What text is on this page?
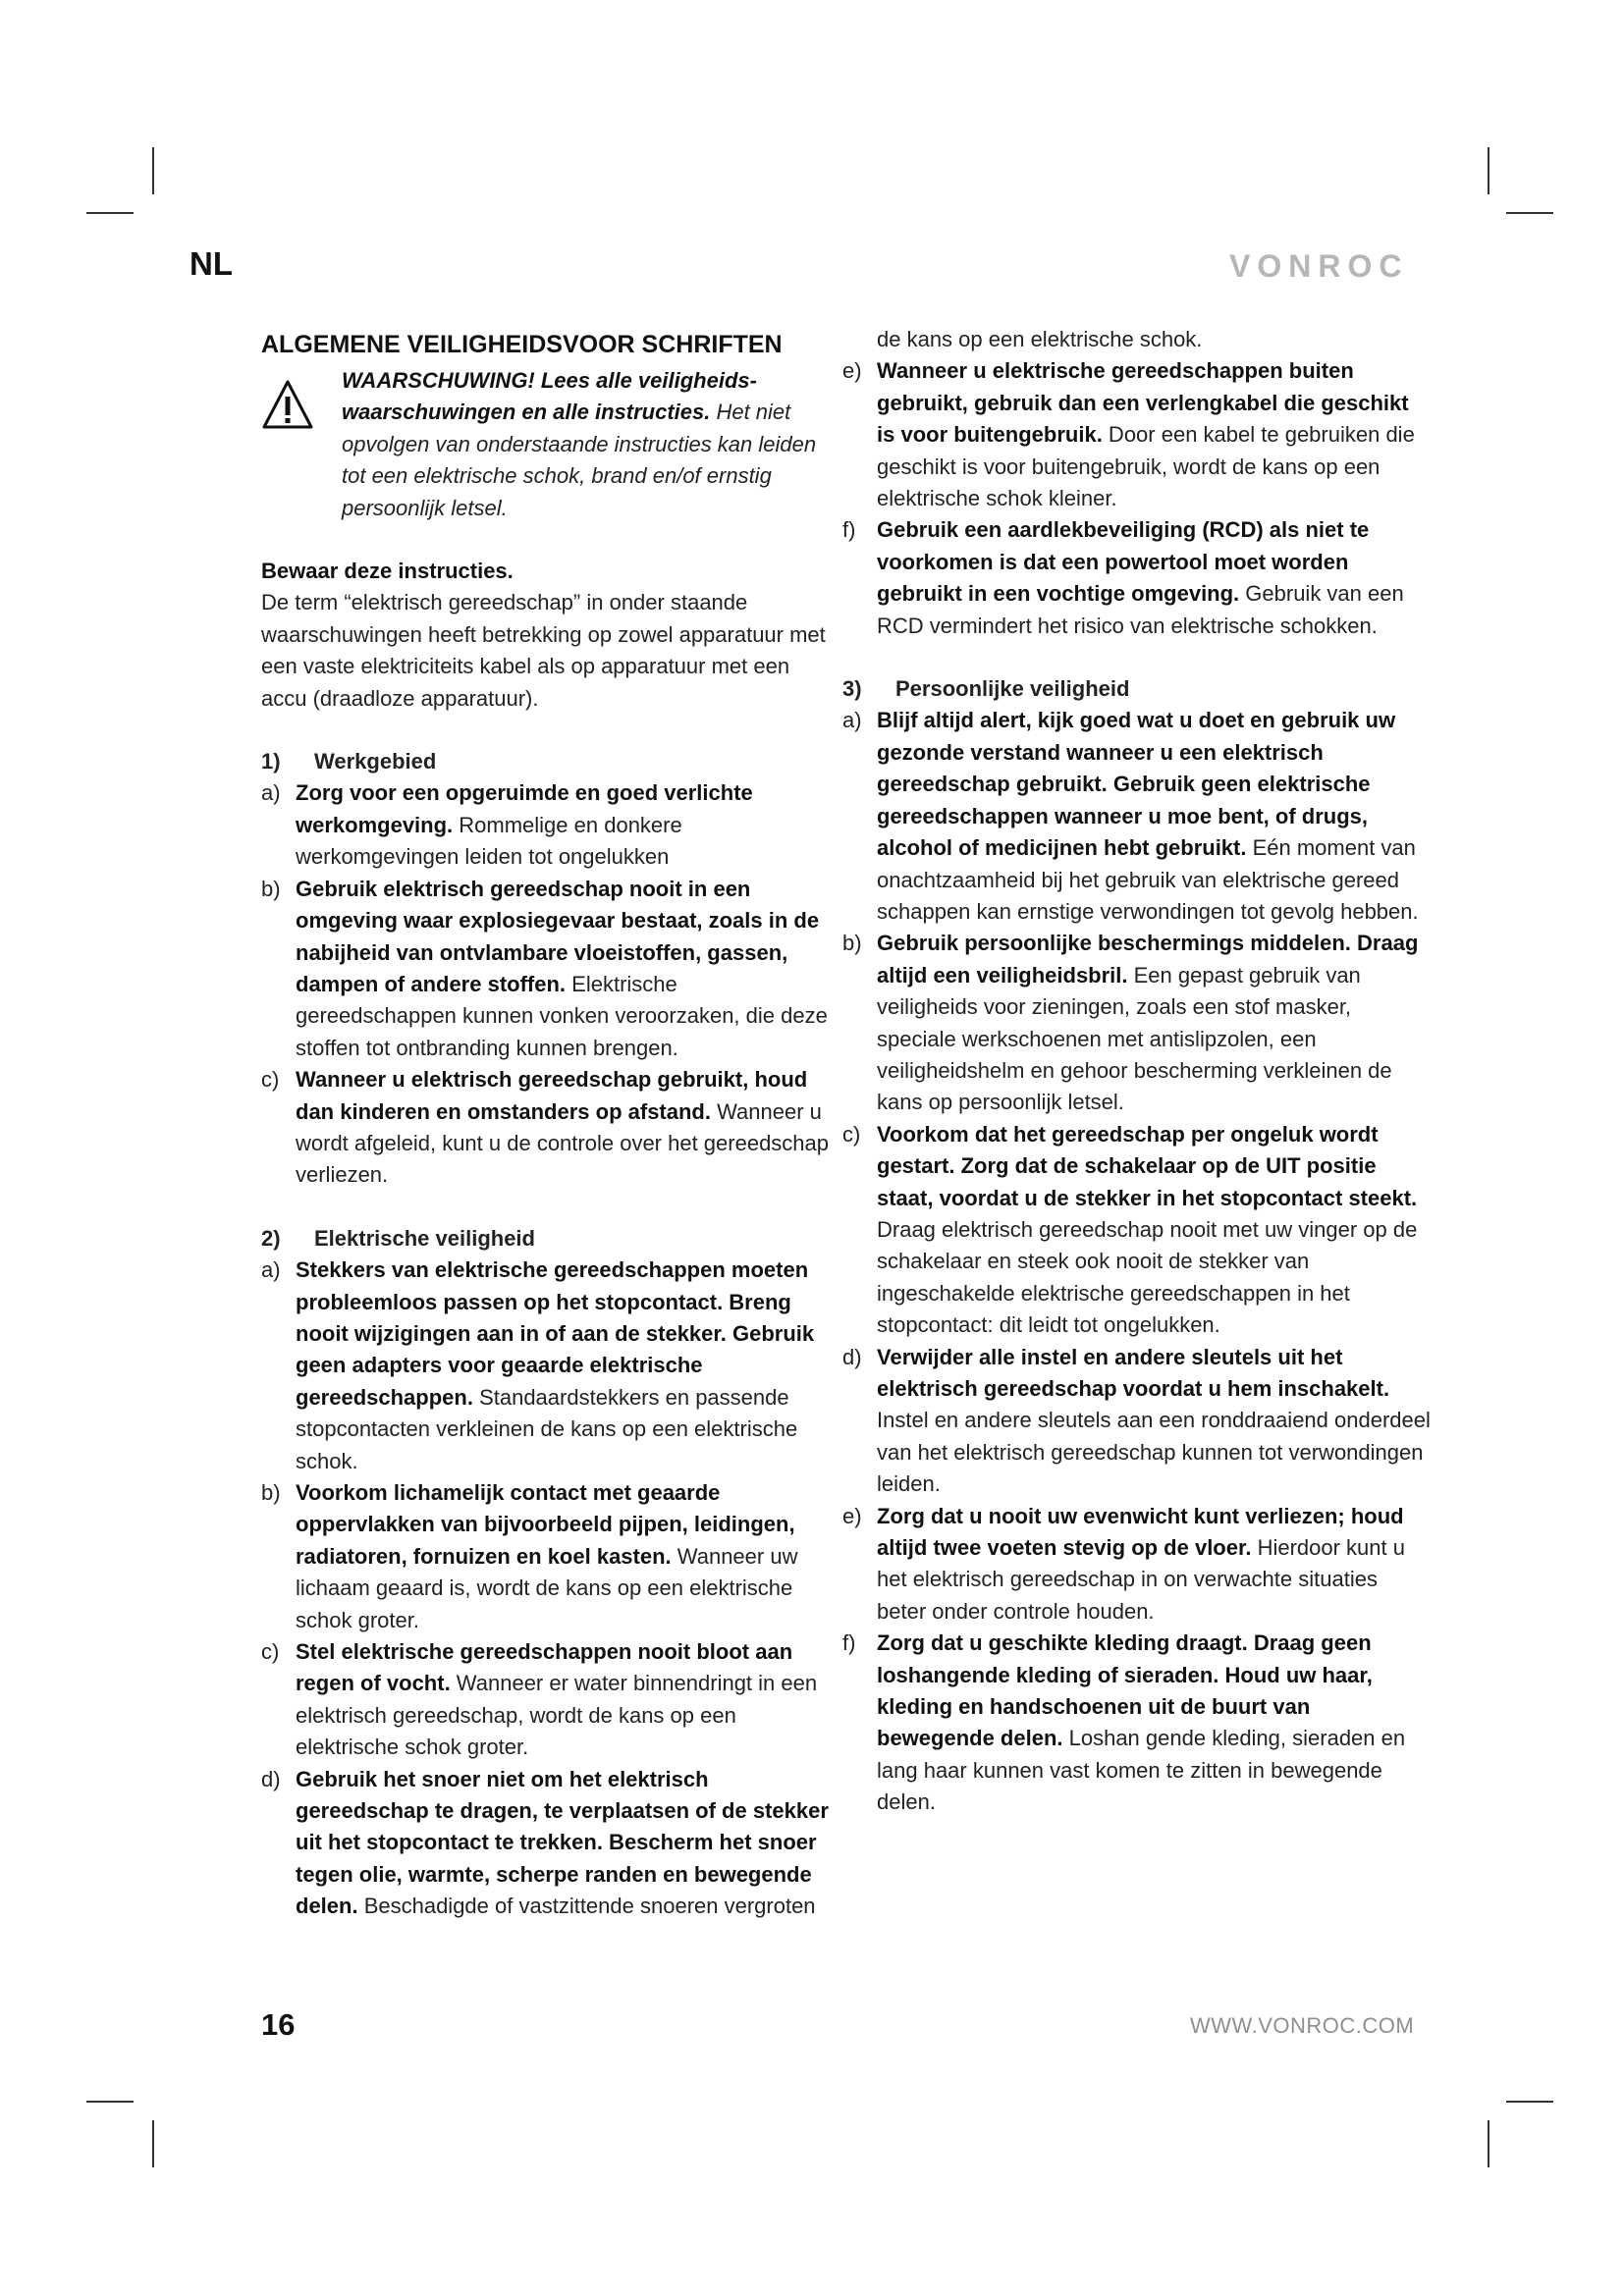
NL	VONROC
ALGEMENE VEILIGHEIDSVOOR SCHRIFTEN

WAARSCHUWING! Lees alle veiligheids-waarschuwingen en alle instructies. Het niet opvolgen van onderstaande instructies kan leiden tot een elektrische schok, brand en/of ernstig persoonlijk letsel.

Bewaar deze instructies.

De term “elektrisch gereedschap” in onder staande waarschuwingen heeft betrekking op zowel apparatuur met een vaste elektriciteits kabel als op apparatuur met een accu (draadloze apparatuur).

1)	Werkgebied
a) Zorg voor een opgeruimde en goed verlichte werkomgeving. Rommelige en donkere werkomgevingen leiden tot ongelukken
b) Gebruik elektrisch gereedschap nooit in een omgeving waar explosiegevaar bestaat, zoals in de nabijheid van ontvlambare vloeistoffen, gassen, dampen of andere stoffen. Elektrische gereedschappen kunnen vonken veroorzaken, die deze stoffen tot ontbranding kunnen brengen.
c) Wanneer u elektrisch gereedschap gebruikt, houd dan kinderen en omstanders op afstand. Wanneer u wordt afgeleid, kunt u de controle over het gereedschap verliezen.
2)	Elektrische veiligheid
a) Stekkers van elektrische gereedschappen moeten probleemloos passen op het stopcontact. Breng nooit wijzigingen aan in of aan de stekker. Gebruik geen adapters voor geaarde elektrische gereedschappen. Standaardstekkers en passende stopcontacten verkleinen de kans op een elektrische schok.
b) Voorkom lichamelijk contact met geaarde oppervlakken van bijvoorbeeld pijpen, leidingen, radiatoren, fornuizen en koel kasten. Wanneer uw lichaam geaard is, wordt de kans op een elektrische schok groter.
c) Stel elektrische gereedschappen nooit bloot aan regen of vocht. Wanneer er water binnendringt in een elektrisch gereedschap, wordt de kans op een elektrische schok groter.
d) Gebruik het snoer niet om het elektrisch gereedschap te dragen, te verplaatsen of de stekker uit het stopcontact te trekken. Bescherm het snoer tegen olie, warmte, scherpe randen en bewegende delen. Beschadigde of vastzittende snoeren vergroten
de kans op een elektrische schok.
e) Wanneer u elektrische gereedschappen buiten gebruikt, gebruik dan een verlengkabel die geschikt is voor buitengebruik. Door een kabel te gebruiken die geschikt is voor buitengebruik, wordt de kans op een elektrische schok kleiner.
f) Gebruik een aardlekbeveiliging (RCD) als niet te voorkomen is dat een powertool moet worden gebruikt in een vochtige omgeving. Gebruik van een RCD vermindert het risico van elektrische schokken.
3)	Persoonlijke veiligheid
a) Blijf altijd alert, kijk goed wat u doet en gebruik uw gezonde verstand wanneer u een elektrisch gereedschap gebruikt. Gebruik geen elektrische gereedschappen wanneer u moe bent, of drugs, alcohol of medicijnen hebt gebruikt. Eén moment van onachtzaamheid bij het gebruik van elektrische gereed schappen kan ernstige verwondingen tot gevolg hebben.
b) Gebruik persoonlijke beschermings middelen. Draag altijd een veiligheidsbril. Een gepast gebruik van veiligheids voor zieningen, zoals een stof masker, speciale werkschoenen met antislipzolen, een veiligheidshelm en gehoor bescherming verkleinen de kans op persoonlijk letsel.
c) Voorkom dat het gereedschap per ongeluk wordt gestart. Zorg dat de schakelaar op de UIT positie staat, voordat u de stekker in het stopcontact steekt. Draag elektrisch gereedschap nooit met uw vinger op de schakelaar en steek ook nooit de stekker van ingeschakelde elektrische gereedschappen in het stopcontact: dit leidt tot ongelukken.
d) Verwijder alle instel en andere sleutels uit het elektrisch gereedschap voordat u hem inschakelt. Instel en andere sleutels aan een ronddraaiend onderdeel van het elektrisch gereedschap kunnen tot verwondingen leiden.
e) Zorg dat u nooit uw evenwicht kunt verliezen; houd altijd twee voeten stevig op de vloer. Hierdoor kunt u het elektrisch gereedschap in on verwachte situaties beter onder controle houden.
f) Zorg dat u geschikte kleding draagt. Draag geen loshangende kleding of sieraden. Houd uw haar, kleding en handschoenen uit de buurt van bewegende delen. Loshan gende kleding, sieraden en lang haar kunnen vast komen te zitten in bewegende delen.
16	WWW.VONROC.COM
